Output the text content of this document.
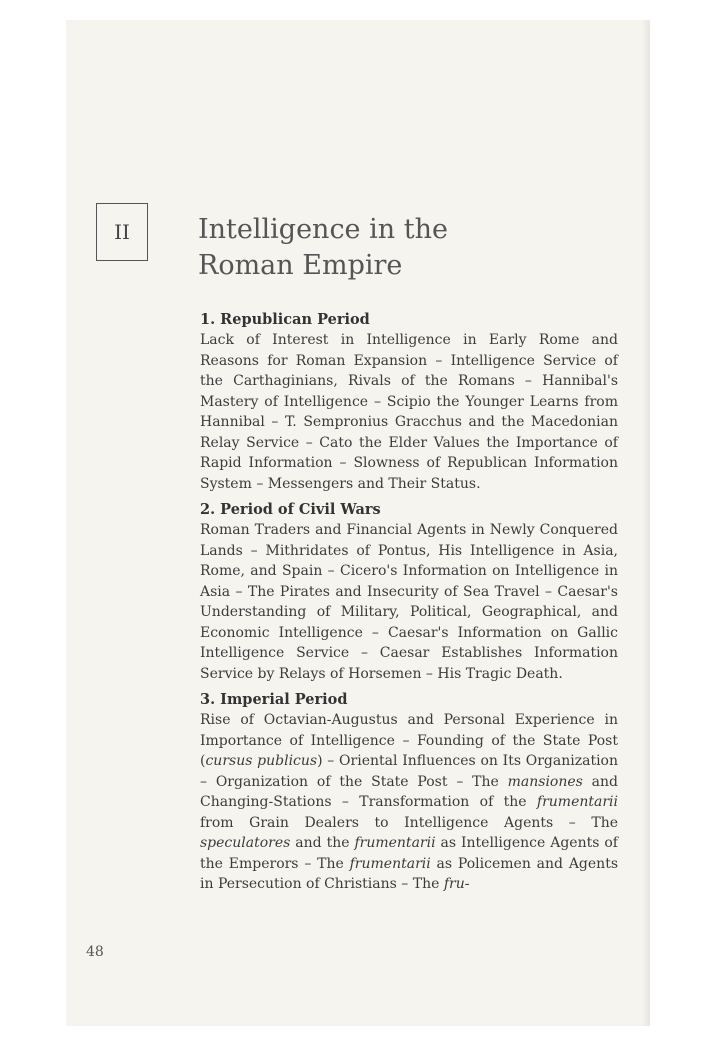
II	Intelligence in the
Roman Empire
1. Republican Period
Lack of Interest in Intelligence in Early Rome and Reasons for Roman Expansion – Intelligence Service of the Carthaginians, Rivals of the Romans – Hannibal's Mastery of Intelligence – Scipio the Younger Learns from Hannibal – T. Sempronius Gracchus and the Macedonian Relay Service – Cato the Elder Values the Importance of Rapid Information – Slowness of Republican Information System – Messengers and Their Status.
2. Period of Civil Wars
Roman Traders and Financial Agents in Newly Conquered Lands – Mithridates of Pontus, His Intelligence in Asia, Rome, and Spain – Cicero's Information on Intelligence in Asia – The Pirates and Insecurity of Sea Travel – Caesar's Understanding of Military, Political, Geographical, and Economic Intelligence – Caesar's Information on Gallic Intelligence Service – Caesar Establishes Information Service by Relays of Horsemen – His Tragic Death.
3. Imperial Period
Rise of Octavian-Augustus and Personal Experience in Importance of Intelligence – Founding of the State Post (cursus publicus) – Oriental Influences on Its Organization – Organization of the State Post – The mansiones and Changing-Stations – Transformation of the frumentarii from Grain Dealers to Intelligence Agents – The speculatores and the frumentarii as Intelligence Agents of the Emperors – The frumentarii as Policemen and Agents in Persecution of Christians – The fru-
48
